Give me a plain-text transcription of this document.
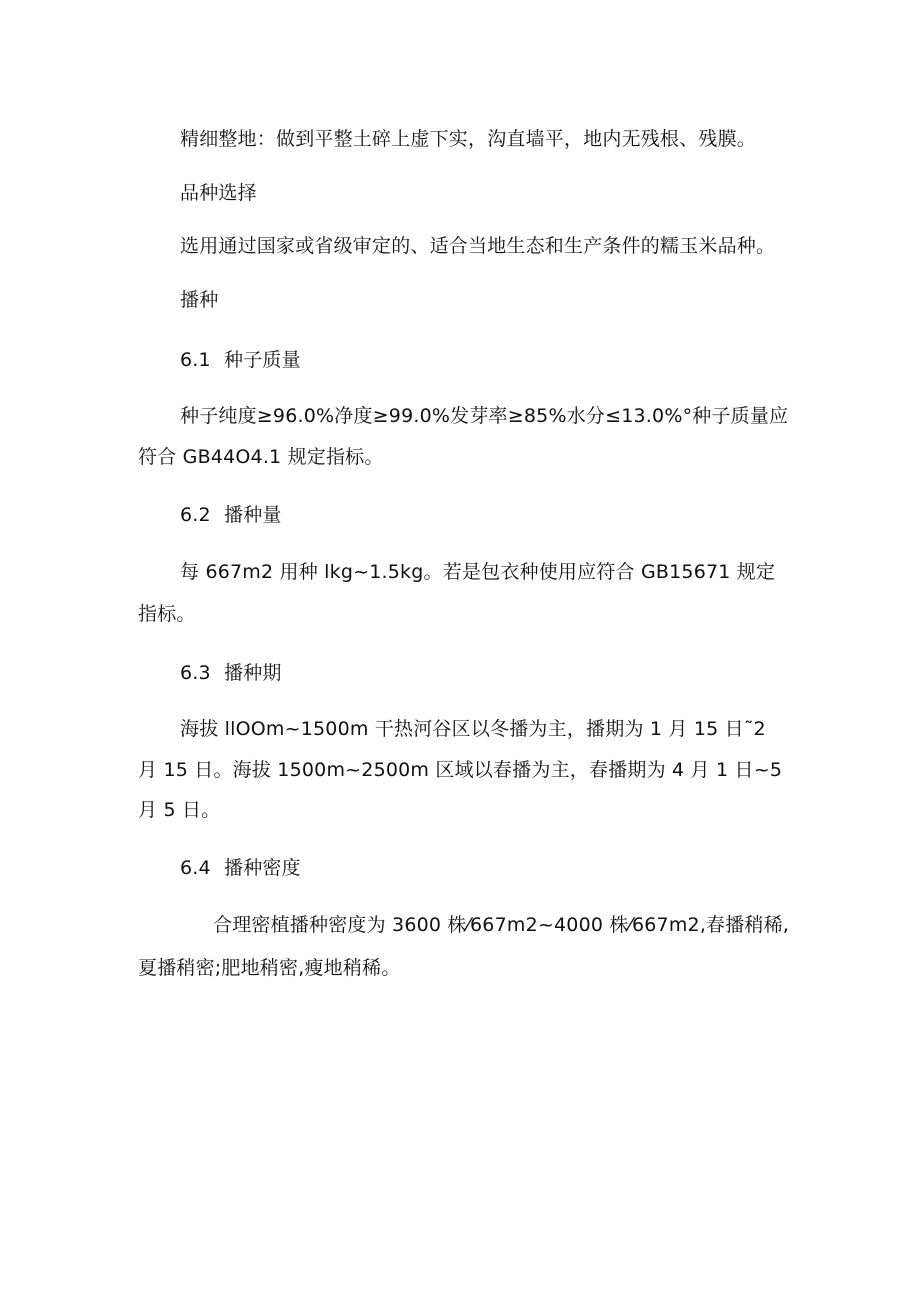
精细整地：做到平整土碎上虚下实，沟直墙平，地内无残根、残膜。
品种选择
选用通过国家或省级审定的、适合当地生态和生产条件的糯玉米品种。
播种
6.1 种子质量
种子纯度≥96.0%净度≥99.0%发芽率≥85%水分≤13.0%°种子质量应
符合 GB44O4.1 规定指标。
6.2 播种量
每 667m2 用种 lkg~1.5kg。若是包衣种使用应符合 GB15671 规定
指标。
6.3 播种期
海拔 llOOm~1500m 干热河谷区以冬播为主，播期为 1 月 15 日˜2
月 15 日。海拔 1500m~2500m 区域以春播为主，春播期为 4 月 1 日~5
月 5 日。
6.4 播种密度
合理密植播种密度为 3600 株⁄667m2~4000 株⁄667m2,春播稍稀,
夏播稍密;肥地稍密,瘦地稍稀。
